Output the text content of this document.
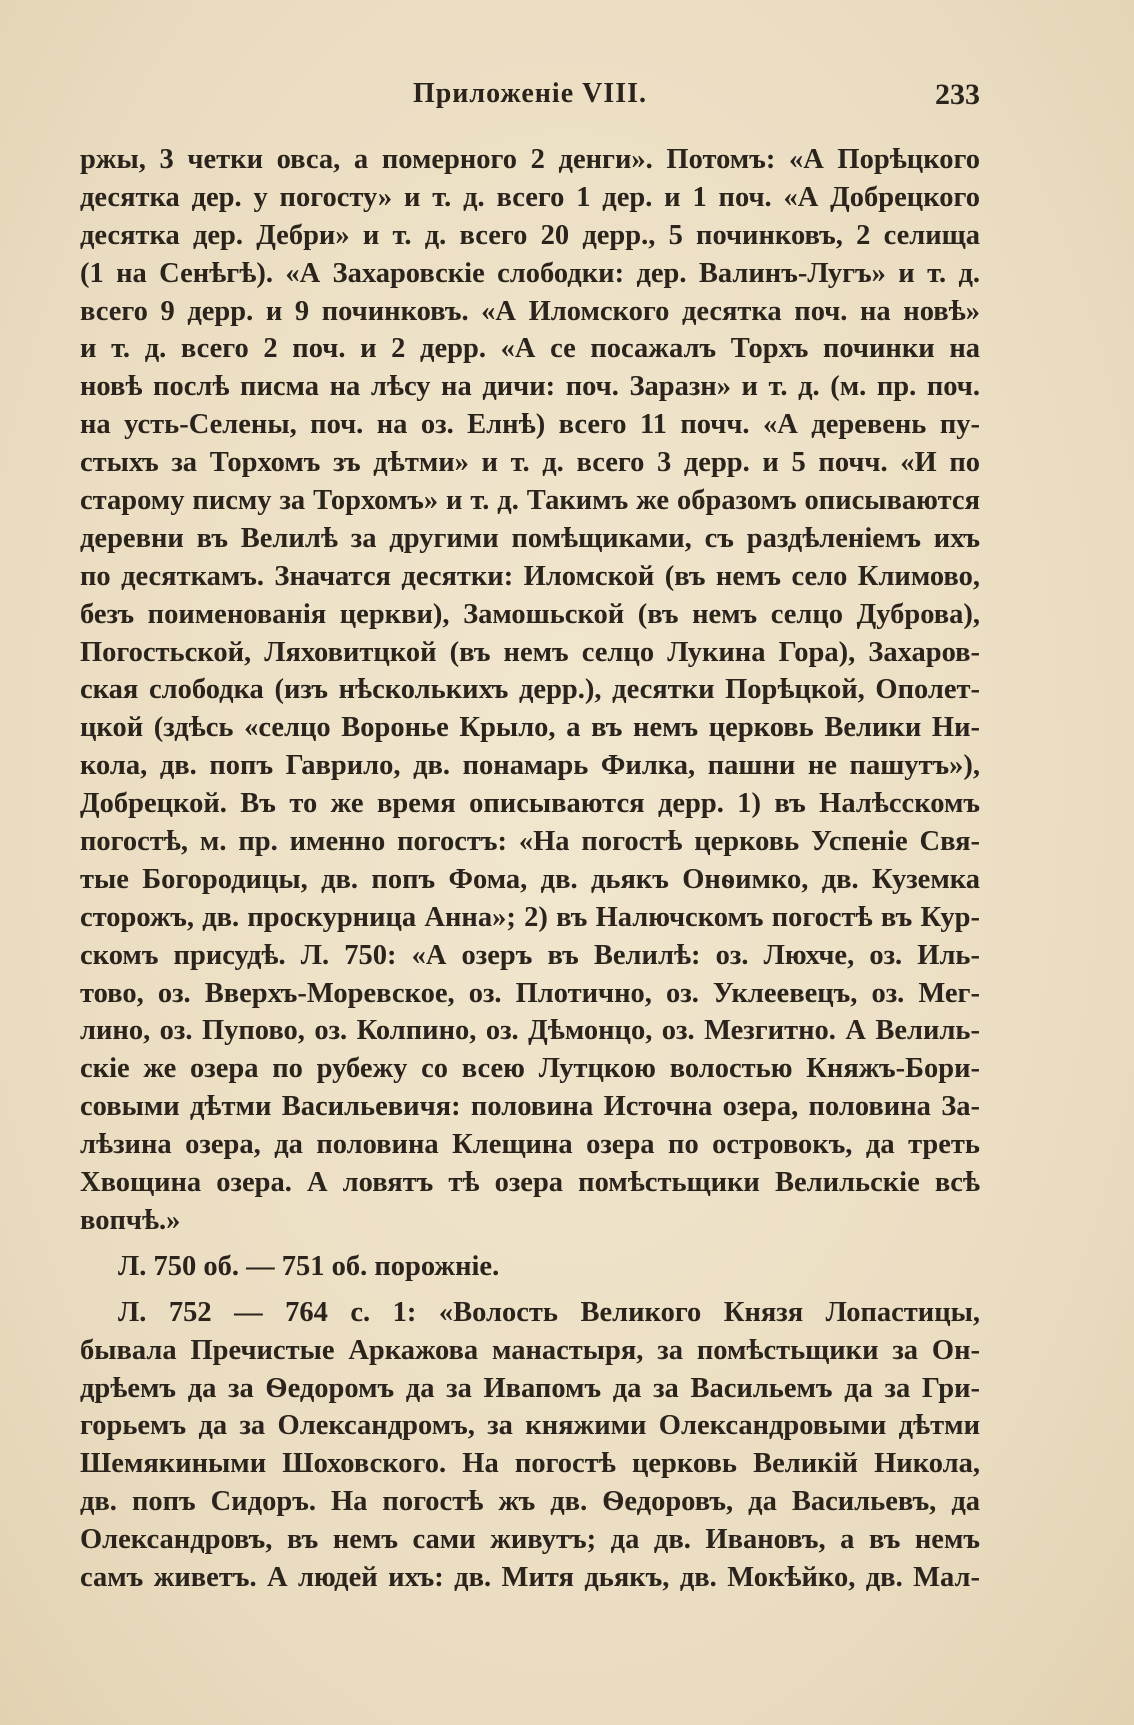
Приложеніе VIII.	233
ржы, 3 четки овса, а померного 2 денги». Потомъ: «А Порѣцкого
десятка дер. у погосту» и т. д. всего 1 дер. и 1 поч. «А Добрецкого
десятка дер. Дебри» и т. д. всего 20 дерр., 5 починковъ, 2 селища
(1 на Сенѣгѣ). «А Захаровскіе слободки: дер. Валинъ-Лугъ» и т. д.
всего 9 дерр. и 9 починковъ. «А Иломского десятка поч. на новѣ»
и т. д. всего 2 поч. и 2 дерр. «А се посажалъ Торхъ починки на
новѣ послѣ писма на лѣсу на дичи: поч. Заразн» и т. д. (м. пр. поч.
на усть-Селены, поч. на оз. Елнѣ) всего 11 почч. «А деревень пу-
стыхъ за Торхомъ зъ дѣтми» и т. д. всего 3 дерр. и 5 почч. «И по
старому писму за Торхомъ» и т. д. Такимъ же образомъ описываются
деревни въ Велилѣ за другими помѣщиками, съ раздѣленіемъ ихъ
по десяткамъ. Значатся десятки: Иломской (въ немъ село Климово,
безъ поименованія церкви), Замошьской (въ немъ селцо Дуброва),
Погостьской, Ляховитцкой (въ немъ селцо Лукина Гора), Захаров-
ская слободка (изъ нѣсколькихъ дерр.), десятки Порѣцкой, Ополет-
цкой (здѣсь «селцо Воронье Крыло, а въ немъ церковь Велики Ни-
кола, дв. попъ Гаврило, дв. понамарь Филка, пашни не пашутъ»),
Добрецкой. Въ то же время описываются дерр. 1) въ Налѣсскомъ
погостѣ, м. пр. именно погостъ: «На погостѣ церковь Успеніе Свя-
тые Богородицы, дв. попъ Фома, дв. дьякъ Онѳимко, дв. Куземка
сторожъ, дв. проскурница Анна»; 2) въ Налючскомъ погостѣ въ Кур-
скомъ присудѣ. Л. 750: «А озеръ въ Велилѣ: оз. Люхче, оз. Иль-
тово, оз. Вверхъ-Моревское, оз. Плотично, оз. Уклеевецъ, оз. Мег-
лино, оз. Пупово, оз. Колпино, оз. Дѣмонцо, оз. Мезгитно. А Велиль-
скіе же озера по рубежу со всею Лутцкою волостью Княжъ-Бори-
совыми дѣтми Васильевичя: половина Источна озера, половина За-
лѣзина озера, да половина Клещина озера по островокъ, да треть
Хвощина озера. А ловятъ тѣ озера помѣстьщики Велильскіе вcѣ
вопчѣ.»
Л. 750 об. — 751 об. порожніе.
Л. 752 — 764 с. 1: «Волость Великого Князя Лопастицы,
бывала Пречистые Аркажова манастыря, за помѣстьщики за Он-
дрѣемъ да за Ѳедоромъ да за Ивапомъ да за Васильемъ да за Гри-
горьемъ да за Олександромъ, за княжими Олександровыми дѣтми
Шемякиными Шоховского. На погостѣ церковь Великій Никола,
дв. попъ Сидоръ. На погостѣ жъ дв. Ѳедоровъ, да Васильевъ, да
Олександровъ, въ немъ сами живутъ; да дв. Ивановъ, а въ немъ
самъ живетъ. А людей ихъ: дв. Митя дьякъ, дв. Мокѣйко, дв. Мал-
